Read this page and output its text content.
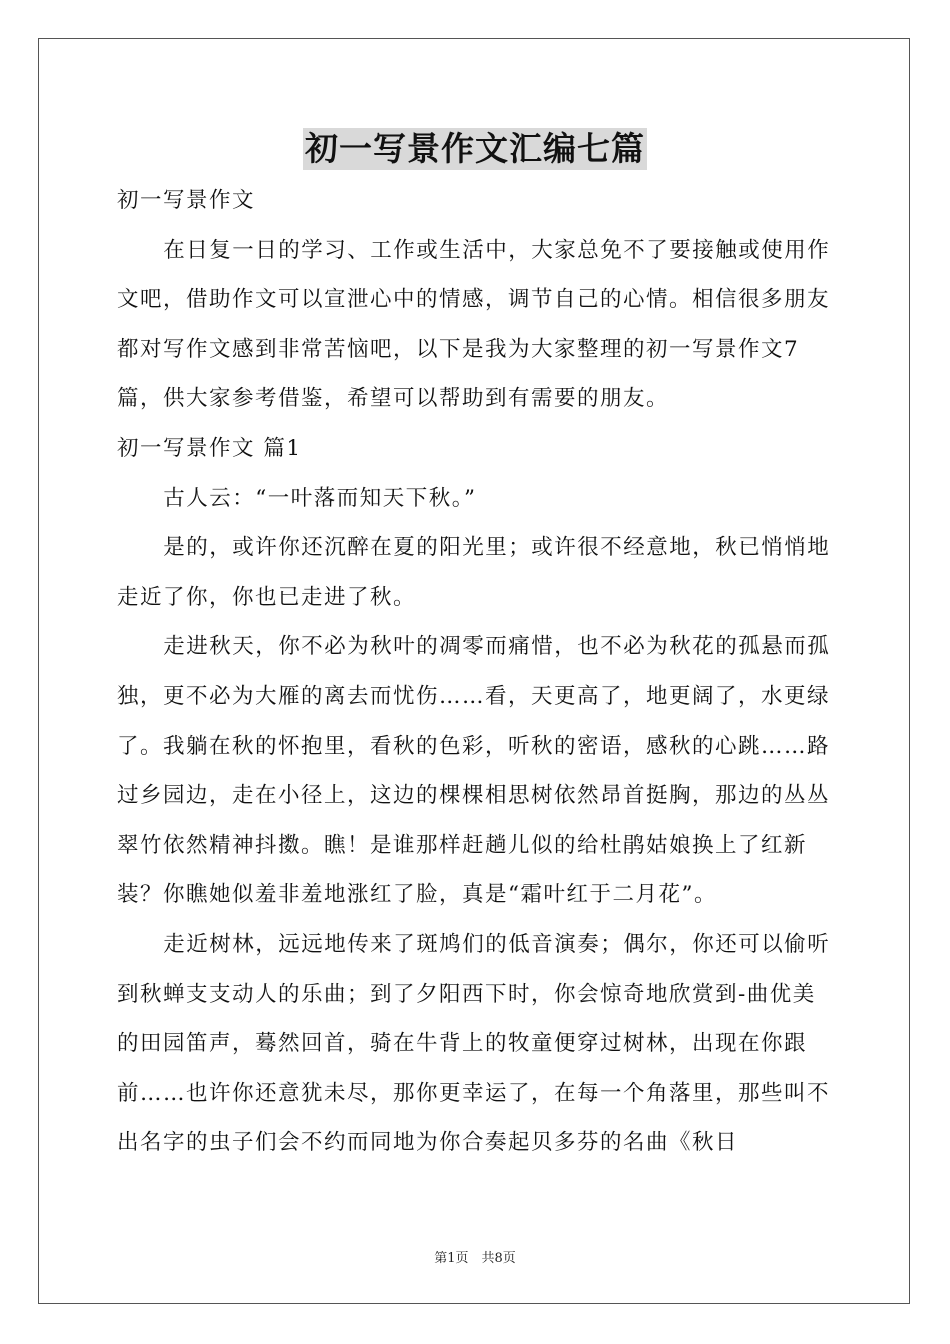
初一写景作文汇编七篇

初一写景作文

在日复一日的学习、工作或生活中，大家总免不了要接触或使用作文吧，借助作文可以宣泄心中的情感，调节自己的心情。相信很多朋友都对写作文感到非常苦恼吧，以下是我为大家整理的初一写景作文7篇，供大家参考借鉴，希望可以帮助到有需要的朋友。

初一写景作文 篇1

古人云：“一叶落而知天下秋。”

是的，或许你还沉醉在夏的阳光里；或许很不经意地，秋已悄悄地走近了你，你也已走进了秋。

走进秋天，你不必为秋叶的凋零而痛惜，也不必为秋花的孤悬而孤独，更不必为大雁的离去而忧伤……看，天更高了，地更阔了，水更绿了。我躺在秋的怀抱里，看秋的色彩，听秋的密语，感秋的心跳……路过乡园边，走在小径上，这边的棵棵相思树依然昂首挺胸，那边的丛丛翠竹依然精神抖擞。瞧！是谁那样赶趟儿似的给杜鹃姑娘换上了红新装？你瞧她似羞非羞地涨红了脸，真是“霜叶红于二月花”。

走近树林，远远地传来了斑鸠们的低音演奏；偶尔，你还可以偷听到秋蝉支支动人的乐曲；到了夕阳西下时，你会惊奇地欣赏到-曲优美的田园笛声，蓦然回首，骑在牛背上的牧童便穿过树林，出现在你跟前……也许你还意犹未尽，那你更幸运了，在每一个角落里，那些叫不出名字的虫子们会不约而同地为你合奏起贝多芬的名曲《秋日

第1页　共8页
